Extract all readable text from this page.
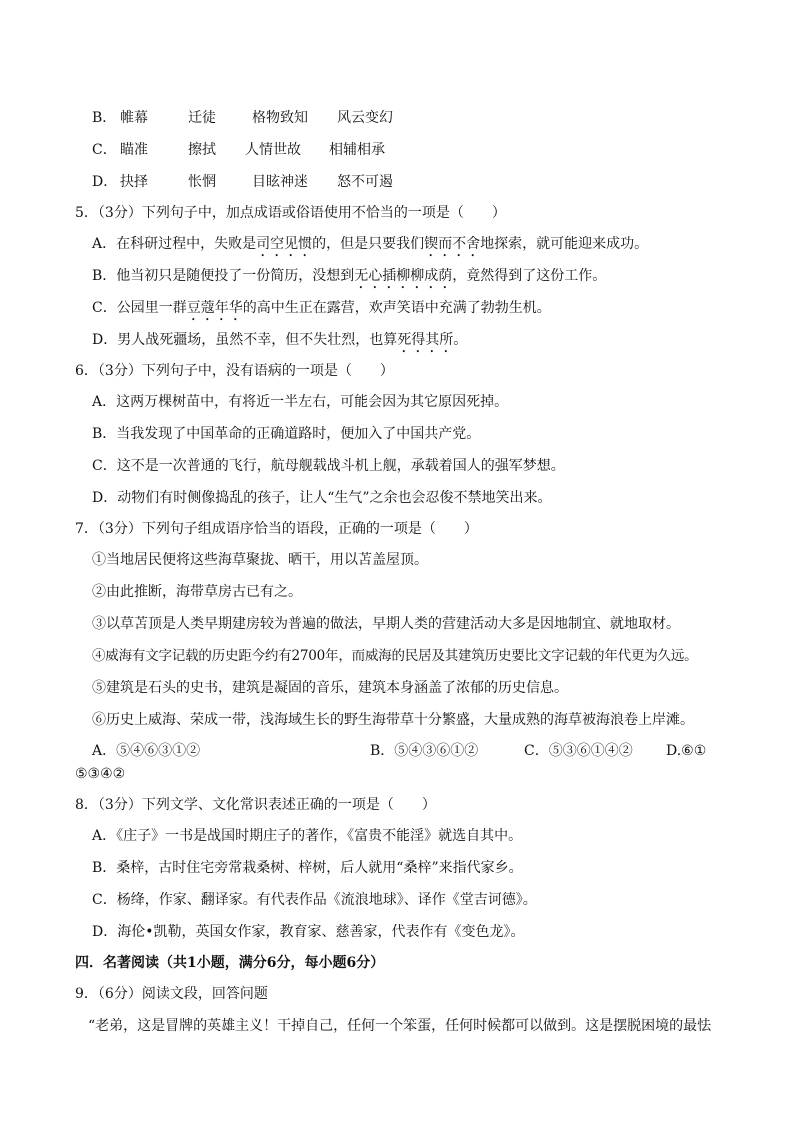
B． 帷幕	迁徒	格物致知 风云变幻
C． 瞄准	擦拭 人情世故 相辅相承
D． 抉择	怅惘	目眩神迷 怒不可遏
5．（3分）下列句子中，加点成语或俗语使用不恰当的一项是（　　）
A．在科研过程中，失败是司空见惯的，但是只要我们锲而不舍地探索，就可能迎来成功。
B．他当初只是随便投了一份简历，没想到无心插柳柳成荫，竟然得到了这份工作。
C．公园里一群豆蔻年华的高中生正在露营，欢声笑语中充满了勃勃生机。
D．男人战死疆场，虽然不幸，但不失壮烈，也算死得其所。
6．（3分）下列句子中，没有语病的一项是（　　）
A．这两万棵树苗中，有将近一半左右，可能会因为其它原因死掉。
B．当我发现了中国革命的正确道路时，便加入了中国共产党。
C．这不是一次普通的飞行，航母舰载战斗机上舰，承载着国人的强军梦想。
D．动物们有时侧像捣乱的孩子，让人“生气”之余也会忍俊不禁地笑出来。
7．（3分）下列句子组成语序恰当的语段，正确的一项是（　　）
①当地居民便将这些海草聚拢、晒干，用以苫盖屋顶。
②由此推断，海带草房古已有之。
③以草苫顶是人类早期建房较为普遍的做法，早期人类的营建活动大多是因地制宜、就地取材。
④威海有文字记载的历史距今约有2700年，而威海的民居及其建筑历史要比文字记载的年代更为久远。
⑤建筑是石头的史书，建筑是凝固的音乐，建筑本身涵盖了浓郁的历史信息。
⑥历史上威海、荣成一带，浅海域生长的野生海带草十分繁盛，大量成熟的海草被海浪卷上岸滩。
A．⑤④⑥③①②	B．⑤④③⑥①②	C．⑤③⑥①④② D.⑥①
⑤③④②
8．（3分）下列文学、文化常识表述正确的一项是（　　）
A．《庄子》一书是战国时期庄子的著作，《富贵不能淫》就选自其中。
B．桑梓，古时住宅旁常栽桑树、梓树，后人就用“桑梓”来指代家乡。
C．杨绛，作家、翻译家。有代表作品《流浪地球》、译作《堂吉诃德》。
D．海伦•凯勒，英国女作家，教育家、慈善家，代表作有《变色龙》。
四．名著阅读（共1小题，满分6分，每小题6分）
9．（6分）阅读文段，回答问题
“老弟，这是冒牌的英雄主义！干掉自己，任何一个笨蛋，任何时候都可以做到。这是摆脱困境的最怯
